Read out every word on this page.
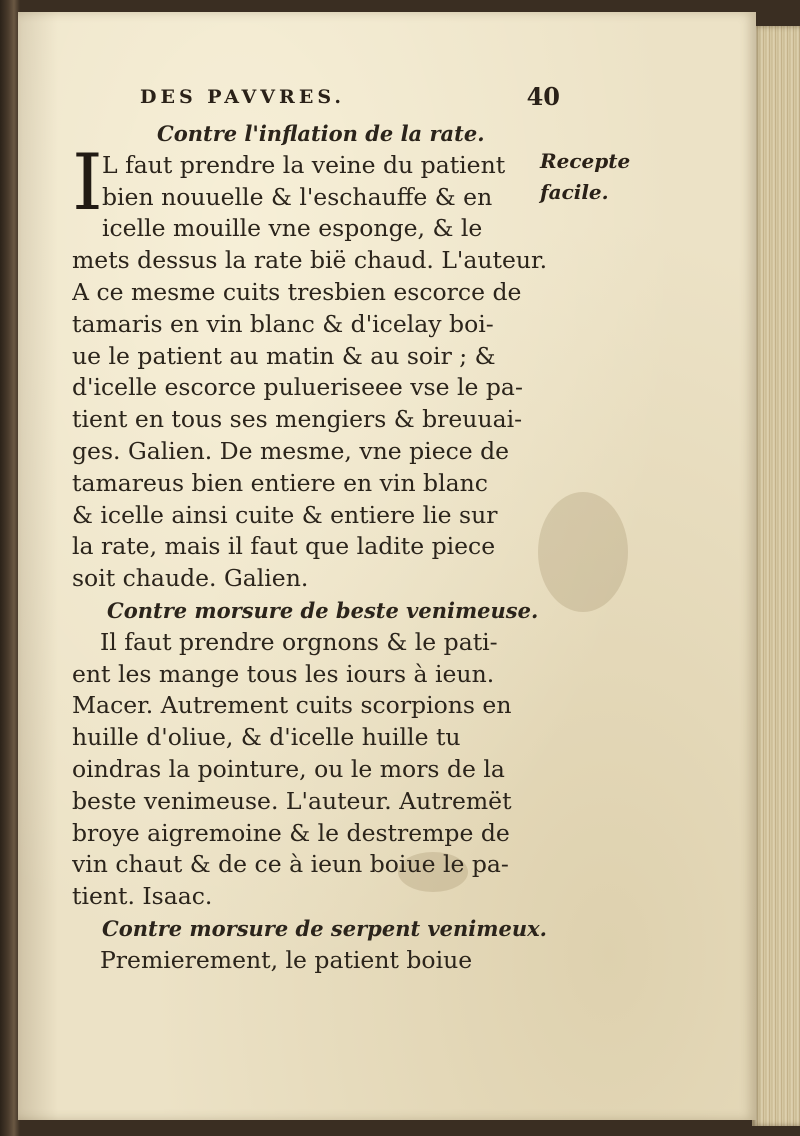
DES PAVVRES.	40
I	Recepte
facile.
Contre l'inflation de la rate.
L faut prendre la veine du patient
bien nouuelle & l'eschauffe & en
icelle mouille vne esponge, & le
mets dessus la rate bië chaud. L'auteur.
A ce mesme cuits tresbien escorce de
tamaris en vin blanc & d'icelay boi-
ue le patient au matin & au soir ; &
d'icelle escorce pulueriseee vse le pa-
tient en tous ses mengiers & breuuai-
ges. Galien. De mesme, vne piece de
tamareus bien entiere en vin blanc
& icelle ainsi cuite & entiere lie sur
la rate, mais il faut que ladite piece
soit chaude. Galien.
Contre morsure de beste venimeuse.
Il faut prendre orgnons & le pati-
ent les mange tous les iours à ieun.
Macer. Autrement cuits scorpions en
huille d'oliue, & d'icelle huille tu
oindras la pointure, ou le mors de la
beste venimeuse. L'auteur. Autremët
broye aigremoine & le destrempe de
vin chaut & de ce à ieun boiue le pa-
tient. Isaac.
Contre morsure de serpent venimeux.
Premierement, le patient boiue
